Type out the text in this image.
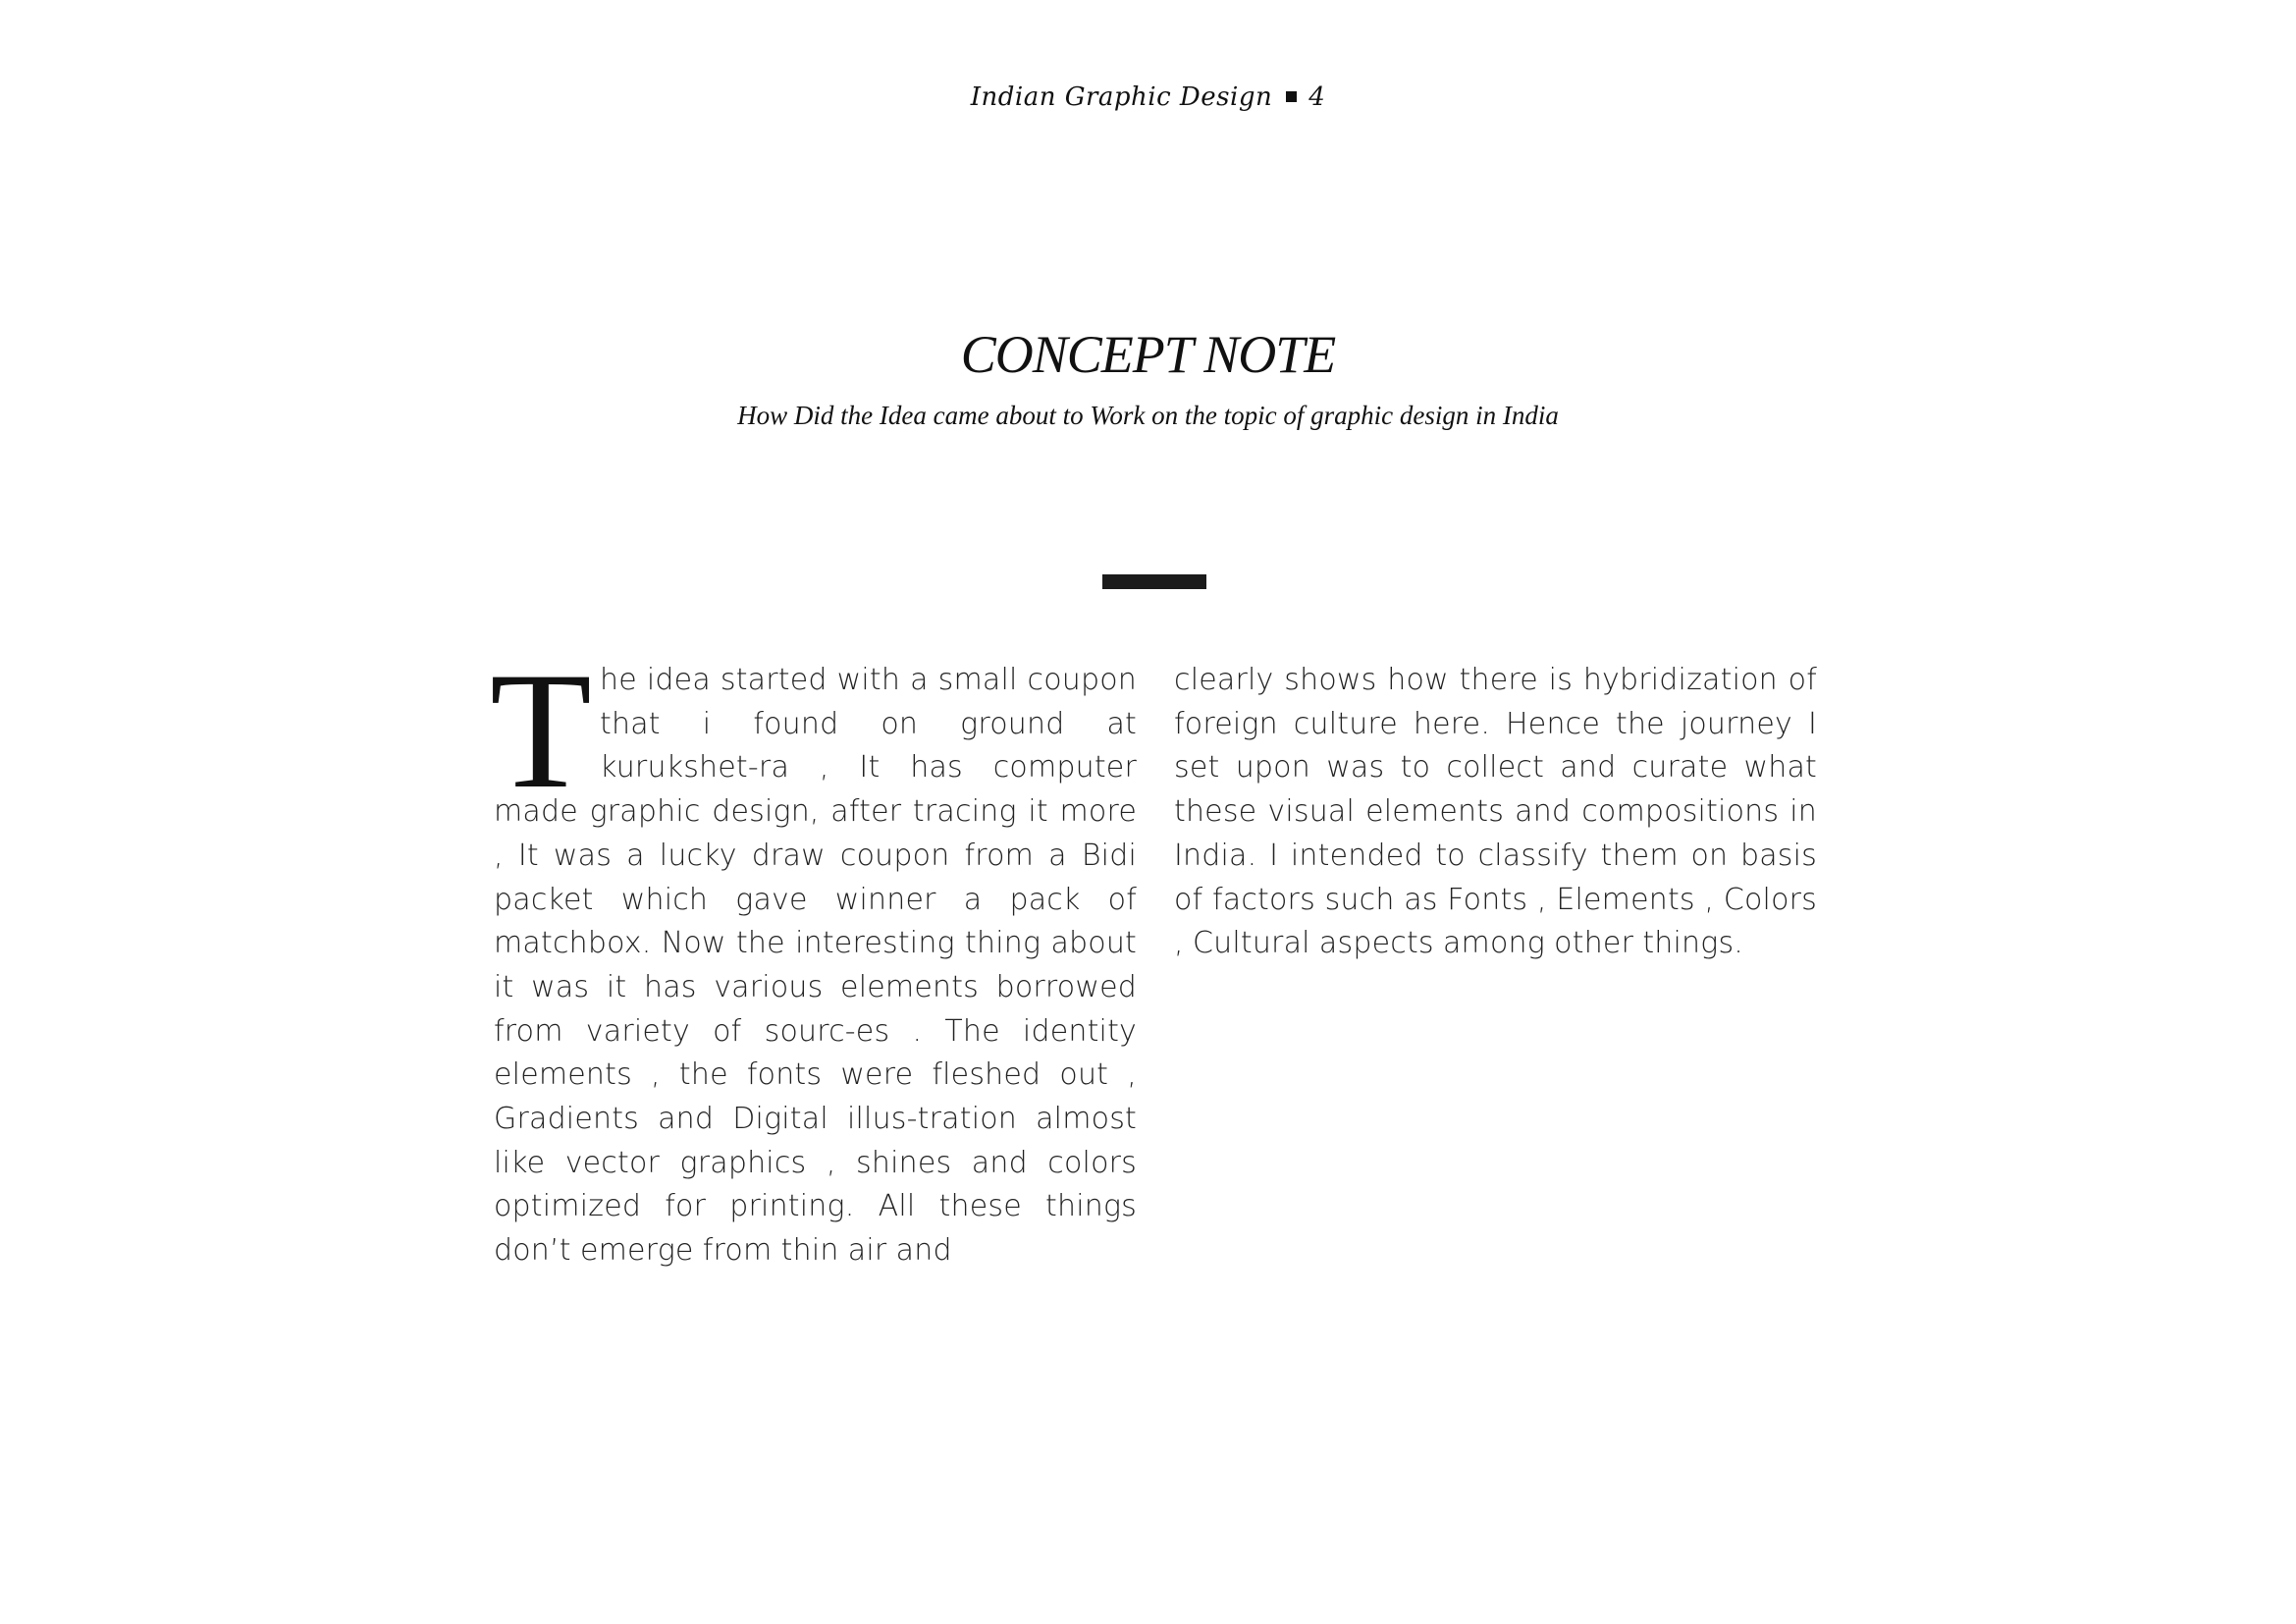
Indian Graphic Design 4
CONCEPT NOTE
How Did the Idea came about to Work on the topic of graphic design in India

The idea started with a small coupon that i found on ground at kurukshet-ra , It has computer made graphic design, after tracing it more , It was a lucky draw coupon from a Bidi packet which gave winner a pack of matchbox. Now the interesting thing about it was it has various elements borrowed from variety of sourc-es . The identity elements , the fonts were fleshed out , Gradients and Digital illus-tration almost like vector graphics , shines and colors optimized for printing. All these things don’t emerge from thin air and

clearly shows how there is hybridization of foreign culture here. Hence the journey I set upon was to collect and curate what these visual elements and compositions in India. I intended to classify them on basis of factors such as Fonts , Elements , Colors , Cultural aspects among other things.
